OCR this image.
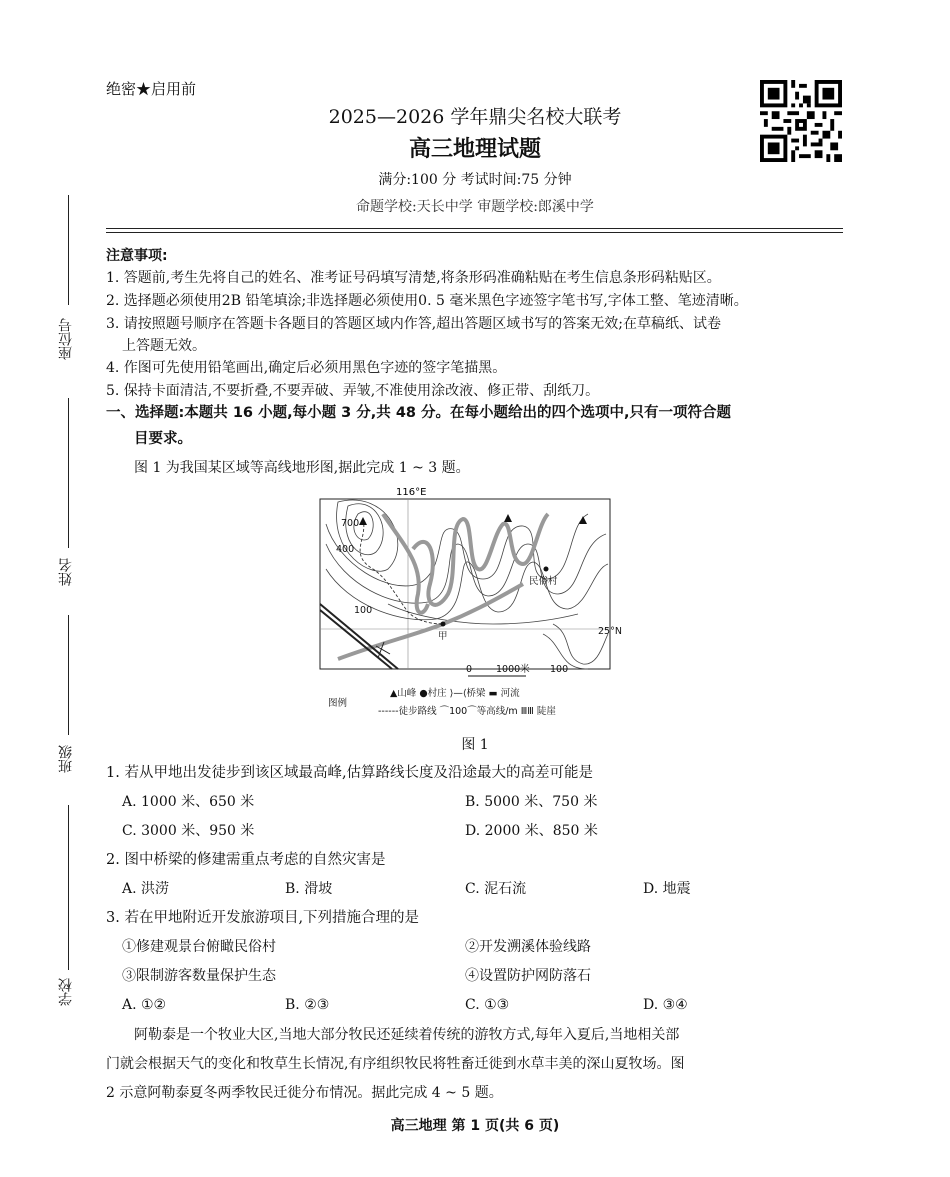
座位号
姓名
班级
学校
绝密★启用前
2025—2026 学年鼎尖名校大联考
高三地理试题
满分:100 分 考试时间:75 分钟
命题学校:天长中学 审题学校:郎溪中学
注意事项:
1. 答题前,考生先将自己的姓名、准考证号码填写清楚,将条形码准确粘贴在考生信息条形码粘贴区。
2. 选择题必须使用2B 铅笔填涂;非选择题必须使用0. 5 毫米黑色字迹签字笔书写,字体工整、笔迹清晰。
3. 请按照题号顺序在答题卡各题目的答题区域内作答,超出答题区域书写的答案无效;在草稿纸、试卷
上答题无效。
4. 作图可先使用铅笔画出,确定后必须用黑色字迹的签字笔描黑。
5. 保持卡面清洁,不要折叠,不要弄破、弄皱,不准使用涂改液、修正带、刮纸刀。
一、选择题:本题共 16 小题,每小题 3 分,共 48 分。在每小题给出的四个选项中,只有一项符合题
目要求。
图 1 为我国某区域等高线地形图,据此完成 1 ~ 3 题。
116°E
700
400
100
100
民俗村
甲	25°N
0	1000米
图例
▲山峰 ●村庄 ⟩—⟨桥梁 ▬ 河流
------徒步路线 ⌒100⌒等高线/m ⅢⅢ 陡崖
图 1
1. 若从甲地出发徒步到该区域最高峰,估算路线长度及沿途最大的高差可能是
A. 1000 米、650 米	B. 5000 米、750 米
C. 3000 米、950 米	D. 2000 米、850 米
2. 图中桥梁的修建需重点考虑的自然灾害是
A. 洪涝	B. 滑坡	C. 泥石流	D. 地震
3. 若在甲地附近开发旅游项目,下列措施合理的是
①修建观景台俯瞰民俗村	②开发溯溪体验线路
③限制游客数量保护生态	④设置防护网防落石
A. ①②	B. ②③	C. ①③	D. ③④
阿勒泰是一个牧业大区,当地大部分牧民还延续着传统的游牧方式,每年入夏后,当地相关部
门就会根据天气的变化和牧草生长情况,有序组织牧民将牲畜迁徙到水草丰美的深山夏牧场。图
2 示意阿勒泰夏冬两季牧民迁徙分布情况。据此完成 4 ~ 5 题。
高三地理 第 1 页(共 6 页)
